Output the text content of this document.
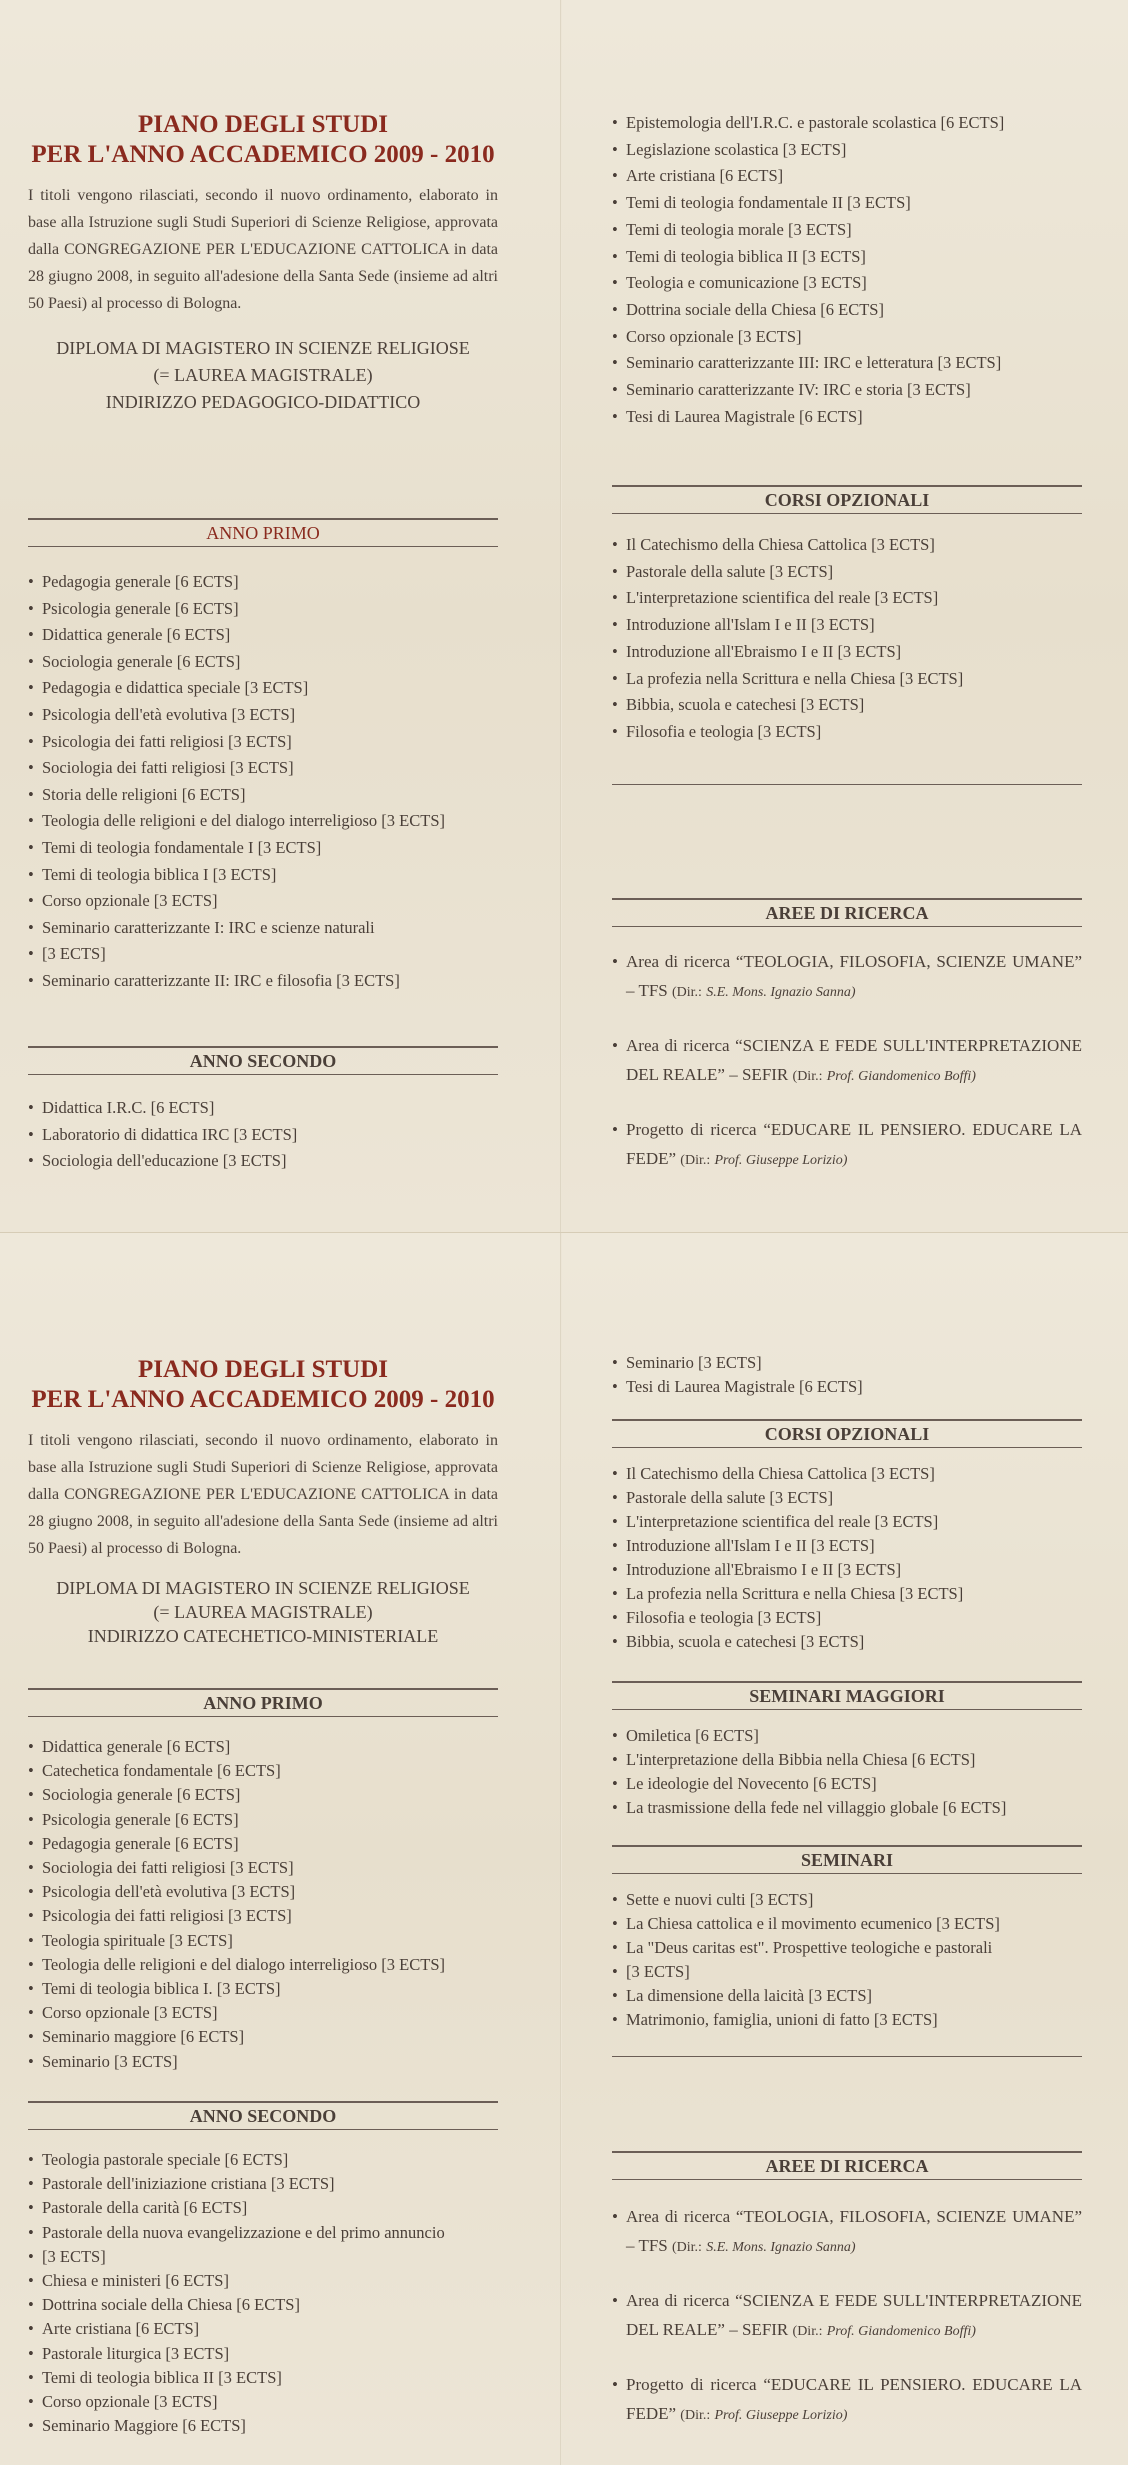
PIANO DEGLI STUDI
PER L'ANNO ACCADEMICO 2009 - 2010
I titoli vengono rilasciati, secondo il nuovo ordinamento, elaborato in base alla Istruzione sugli Studi Superiori di Scienze Religiose, approvata dalla CONGREGAZIONE PER L'EDUCAZIONE CATTOLICA in data 28 giugno 2008, in seguito all'adesione della Santa Sede (insieme ad altri 50 Paesi) al processo di Bologna.
DIPLOMA DI MAGISTERO IN SCIENZE RELIGIOSE
(= LAUREA MAGISTRALE)
INDIRIZZO PEDAGOGICO-DIDATTICO
ANNO PRIMO
• Pedagogia generale [6 ECTS]
• Psicologia generale [6 ECTS]
• Didattica generale [6 ECTS]
• Sociologia generale [6 ECTS]
• Pedagogia e didattica speciale [3 ECTS]
• Psicologia dell'età evolutiva [3 ECTS]
• Psicologia dei fatti religiosi [3 ECTS]
• Sociologia dei fatti religiosi [3 ECTS]
• Storia delle religioni [6 ECTS]
• Teologia delle religioni e del dialogo interreligioso [3 ECTS]
• Temi di teologia fondamentale I [3 ECTS]
• Temi di teologia biblica I [3 ECTS]
• Corso opzionale [3 ECTS]
• Seminario caratterizzante I: IRC e scienze naturali
• [3 ECTS]
• Seminario caratterizzante II: IRC e filosofia [3 ECTS]
ANNO SECONDO
• Didattica I.R.C. [6 ECTS]
• Laboratorio di didattica IRC [3 ECTS]
• Sociologia dell'educazione [3 ECTS]
• Epistemologia dell'I.R.C. e pastorale scolastica [6 ECTS]
• Legislazione scolastica [3 ECTS]
• Arte cristiana [6 ECTS]
• Temi di teologia fondamentale II [3 ECTS]
• Temi di teologia morale [3 ECTS]
• Temi di teologia biblica II [3 ECTS]
• Teologia e comunicazione [3 ECTS]
• Dottrina sociale della Chiesa [6 ECTS]
• Corso opzionale [3 ECTS]
• Seminario caratterizzante III: IRC e letteratura [3 ECTS]
• Seminario caratterizzante IV: IRC e storia [3 ECTS]
• Tesi di Laurea Magistrale [6 ECTS]
CORSI OPZIONALI
• Il Catechismo della Chiesa Cattolica [3 ECTS]
• Pastorale della salute [3 ECTS]
• L'interpretazione scientifica del reale [3 ECTS]
• Introduzione all'Islam I e II [3 ECTS]
• Introduzione all'Ebraismo I e II [3 ECTS]
• La profezia nella Scrittura e nella Chiesa [3 ECTS]
• Bibbia, scuola e catechesi [3 ECTS]
• Filosofia e teologia [3 ECTS]
AREE DI RICERCA

• Area di ricerca “TEOLOGIA, FILOSOFIA, SCIENZE UMANE” – TFS (Dir.: S.E. Mons. Ignazio Sanna)

• Area di ricerca “SCIENZA E FEDE SULL'INTERPRETAZIONE DEL REALE” – SEFIR (Dir.: Prof. Giandomenico Boffi)

• Progetto di ricerca “EDUCARE IL PENSIERO. EDUCARE LA FEDE” (Dir.: Prof. Giuseppe Lorizio)

PIANO DEGLI STUDI
PER L'ANNO ACCADEMICO 2009 - 2010
I titoli vengono rilasciati, secondo il nuovo ordinamento, elaborato in base alla Istruzione sugli Studi Superiori di Scienze Religiose, approvata dalla CONGREGAZIONE PER L'EDUCAZIONE CATTOLICA in data 28 giugno 2008, in seguito all'adesione della Santa Sede (insieme ad altri 50 Paesi) al processo di Bologna.
DIPLOMA DI MAGISTERO IN SCIENZE RELIGIOSE
(= LAUREA MAGISTRALE)
INDIRIZZO CATECHETICO-MINISTERIALE
ANNO PRIMO
• Didattica generale [6 ECTS]
• Catechetica fondamentale [6 ECTS]
• Sociologia generale [6 ECTS]
• Psicologia generale [6 ECTS]
• Pedagogia generale [6 ECTS]
• Sociologia dei fatti religiosi [3 ECTS]
• Psicologia dell'età evolutiva [3 ECTS]
• Psicologia dei fatti religiosi [3 ECTS]
• Teologia spirituale [3 ECTS]
• Teologia delle religioni e del dialogo interreligioso [3 ECTS]
• Temi di teologia biblica I. [3 ECTS]
• Corso opzionale [3 ECTS]
• Seminario maggiore [6 ECTS]
• Seminario [3 ECTS]
ANNO SECONDO
• Teologia pastorale speciale [6 ECTS]
• Pastorale dell'iniziazione cristiana [3 ECTS]
• Pastorale della carità [6 ECTS]
• Pastorale della nuova evangelizzazione e del primo annuncio
• [3 ECTS]
• Chiesa e ministeri [6 ECTS]
• Dottrina sociale della Chiesa [6 ECTS]
• Arte cristiana [6 ECTS]
• Pastorale liturgica [3 ECTS]
• Temi di teologia biblica II [3 ECTS]
• Corso opzionale [3 ECTS]
• Seminario Maggiore [6 ECTS]
• Seminario [3 ECTS]
• Tesi di Laurea Magistrale [6 ECTS]
CORSI OPZIONALI
• Il Catechismo della Chiesa Cattolica [3 ECTS]
• Pastorale della salute [3 ECTS]
• L'interpretazione scientifica del reale [3 ECTS]
• Introduzione all'Islam I e II [3 ECTS]
• Introduzione all'Ebraismo I e II [3 ECTS]
• La profezia nella Scrittura e nella Chiesa [3 ECTS]
• Filosofia e teologia [3 ECTS]
• Bibbia, scuola e catechesi [3 ECTS]
SEMINARI MAGGIORI
• Omiletica [6 ECTS]
• L'interpretazione della Bibbia nella Chiesa [6 ECTS]
• Le ideologie del Novecento [6 ECTS]
• La trasmissione della fede nel villaggio globale [6 ECTS]
SEMINARI
• Sette e nuovi culti [3 ECTS]
• La Chiesa cattolica e il movimento ecumenico [3 ECTS]
• La "Deus caritas est". Prospettive teologiche e pastorali
• [3 ECTS]
• La dimensione della laicità [3 ECTS]
• Matrimonio, famiglia, unioni di fatto [3 ECTS]
AREE DI RICERCA

• Area di ricerca “TEOLOGIA, FILOSOFIA, SCIENZE UMANE” – TFS (Dir.: S.E. Mons. Ignazio Sanna)

• Area di ricerca “SCIENZA E FEDE SULL'INTERPRETAZIONE DEL REALE” – SEFIR (Dir.: Prof. Giandomenico Boffi)

• Progetto di ricerca “EDUCARE IL PENSIERO. EDUCARE LA FEDE” (Dir.: Prof. Giuseppe Lorizio)
